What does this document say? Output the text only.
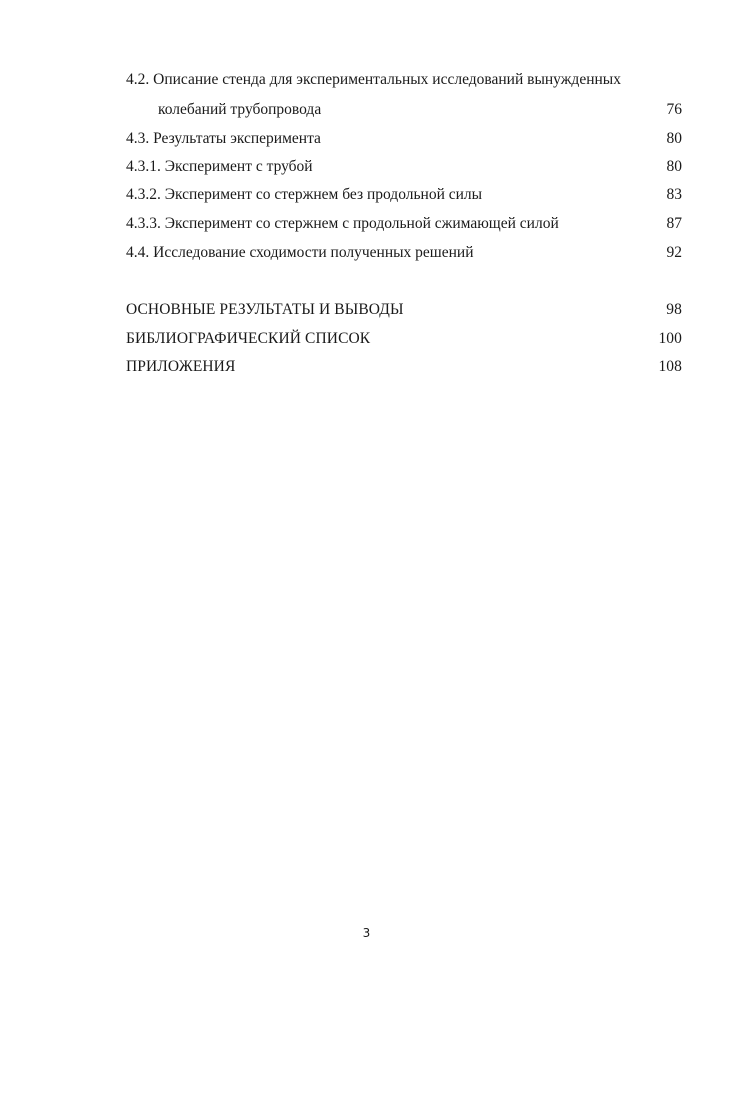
4.2. Описание стенда для экспериментальных исследований вынужденных
колебаний трубопровода	76
4.3. Результаты эксперимента	80
4.3.1. Эксперимент с трубой	80
4.3.2. Эксперимент со стержнем без продольной силы	83
4.3.3. Эксперимент со стержнем с продольной сжимающей силой	87
4.4. Исследование сходимости полученных решений	92
ОСНОВНЫЕ РЕЗУЛЬТАТЫ И ВЫВОДЫ	98
БИБЛИОГРАФИЧЕСКИЙ СПИСОК	100
ПРИЛОЖЕНИЯ	108
3
